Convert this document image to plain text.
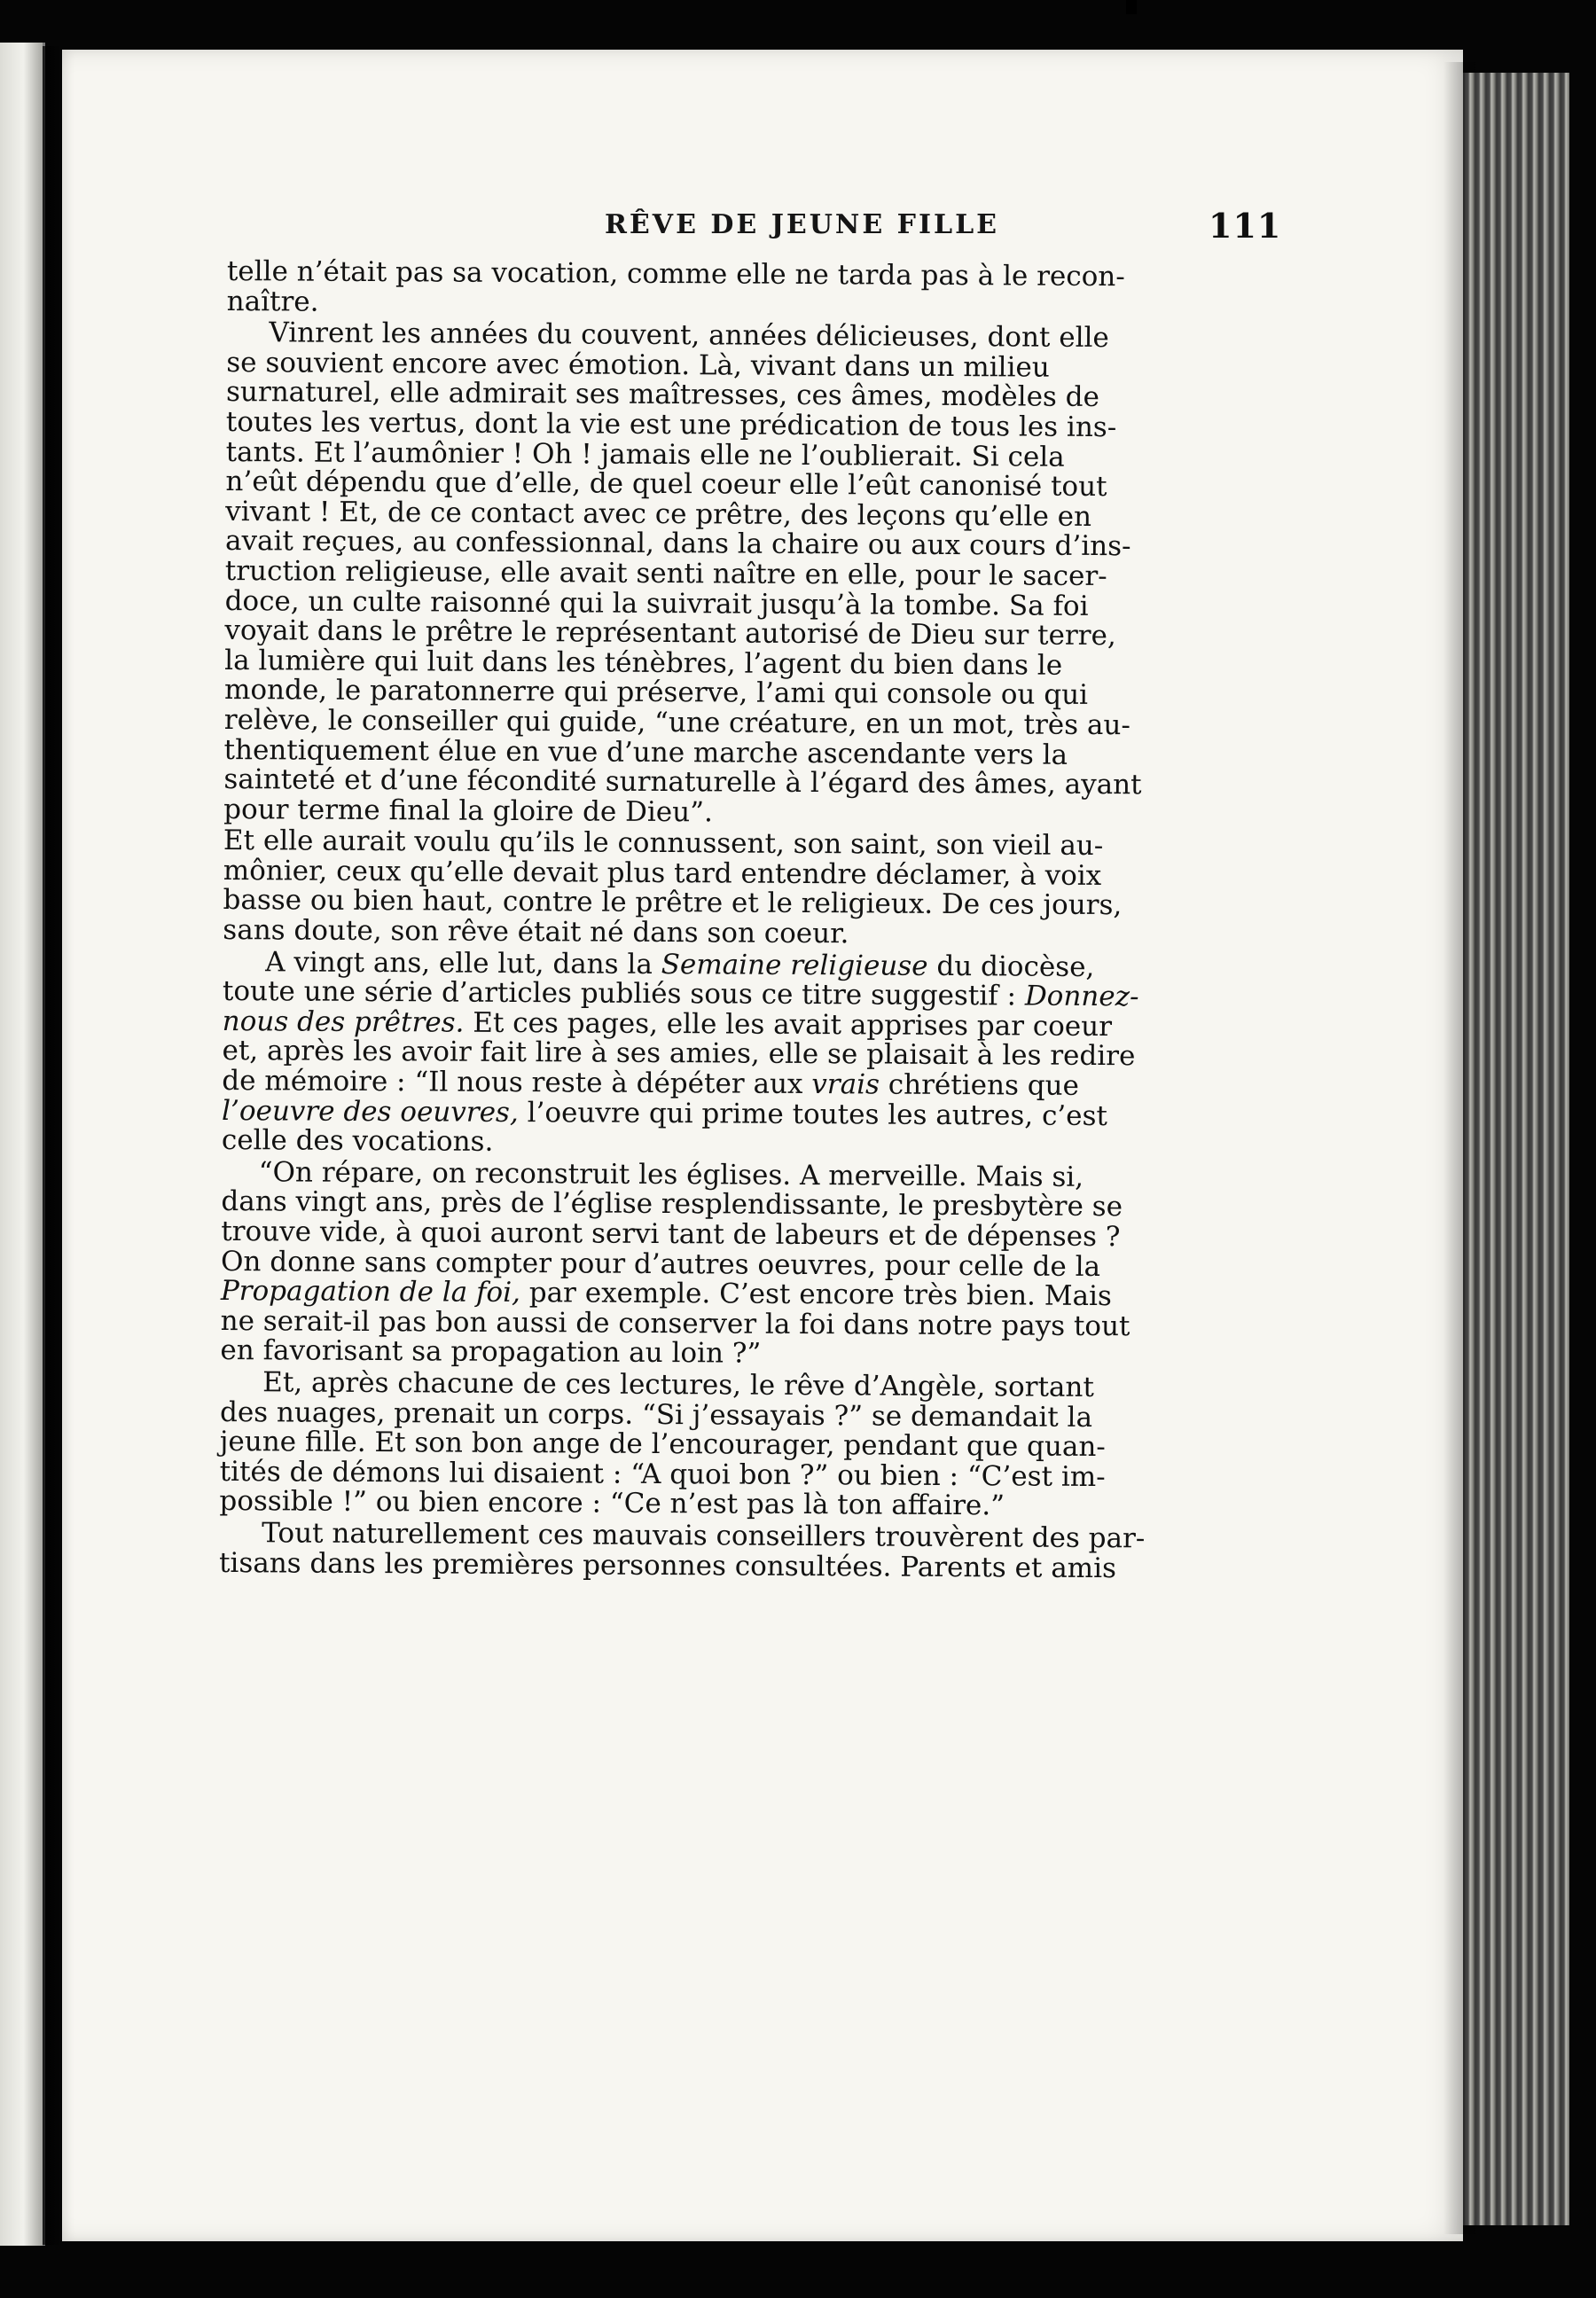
RÊVE DE JEUNE FILLE	111
telle n’était pas sa vocation, comme elle ne tarda pas à le recon-
naître.
Vinrent les années du couvent, années délicieuses, dont elle
se souvient encore avec émotion. Là, vivant dans un milieu
surnaturel, elle admirait ses maîtresses, ces âmes, modèles de
toutes les vertus, dont la vie est une prédication de tous les ins-
tants. Et l’aumônier ! Oh ! jamais elle ne l’oublierait. Si cela
n’eût dépendu que d’elle, de quel coeur elle l’eût canonisé tout
vivant ! Et, de ce contact avec ce prêtre, des leçons qu’elle en
avait reçues, au confessionnal, dans la chaire ou aux cours d’ins-
truction religieuse, elle avait senti naître en elle, pour le sacer-
doce, un culte raisonné qui la suivrait jusqu’à la tombe. Sa foi
voyait dans le prêtre le représentant autorisé de Dieu sur terre,
la lumière qui luit dans les ténèbres, l’agent du bien dans le
monde, le paratonnerre qui préserve, l’ami qui console ou qui
relève, le conseiller qui guide, “une créature, en un mot, très au-
thentiquement élue en vue d’une marche ascendante vers la
sainteté et d’une fécondité surnaturelle à l’égard des âmes, ayant
pour terme final la gloire de Dieu”.
Et elle aurait voulu qu’ils le connussent, son saint, son vieil au-
mônier, ceux qu’elle devait plus tard entendre déclamer, à voix
basse ou bien haut, contre le prêtre et le religieux. De ces jours,
sans doute, son rêve était né dans son coeur.
A vingt ans, elle lut, dans la Semaine religieuse du diocèse,
toute une série d’articles publiés sous ce titre suggestif : Donnez-
nous des prêtres. Et ces pages, elle les avait apprises par coeur
et, après les avoir fait lire à ses amies, elle se plaisait à les redire
de mémoire : “Il nous reste à dépéter aux vrais chrétiens que
l’oeuvre des oeuvres, l’oeuvre qui prime toutes les autres, c’est
celle des vocations.
“On répare, on reconstruit les églises. A merveille. Mais si,
dans vingt ans, près de l’église resplendissante, le presbytère se
trouve vide, à quoi auront servi tant de labeurs et de dépenses ?
On donne sans compter pour d’autres oeuvres, pour celle de la
Propagation de la foi, par exemple. C’est encore très bien. Mais
ne serait-il pas bon aussi de conserver la foi dans notre pays tout
en favorisant sa propagation au loin ?”
Et, après chacune de ces lectures, le rêve d’Angèle, sortant
des nuages, prenait un corps. “Si j’essayais ?” se demandait la
jeune fille. Et son bon ange de l’encourager, pendant que quan-
tités de démons lui disaient : “A quoi bon ?” ou bien : “C’est im-
possible !” ou bien encore : “Ce n’est pas là ton affaire.”
Tout naturellement ces mauvais conseillers trouvèrent des par-
tisans dans les premières personnes consultées. Parents et amis
